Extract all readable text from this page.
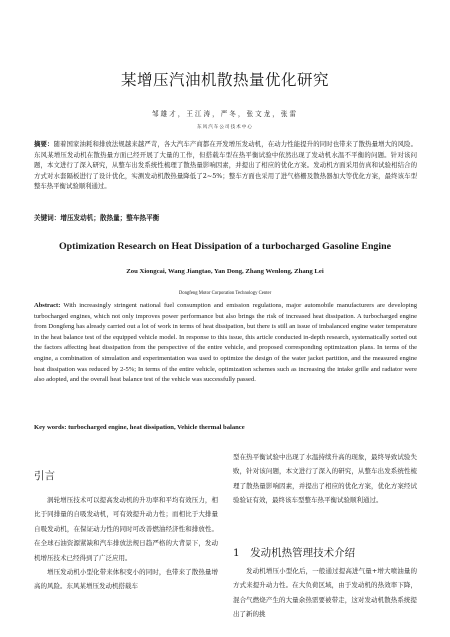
某增压汽油机散热量优化研究
邹雄才，王江涛，严冬，张文龙，张雷
东风汽车公司技术中心
摘要：随着国家油耗和排放法规越来越严苛，各大汽车产商都在开发增压发动机，在动力性能提升的同时也带来了散热量增大的风险。东风某增压发动机在散热量方面已经开展了大量的工作，但搭载车型在热平衡试验中依然出现了发动机水温不平衡的问题。针对该问题，本文进行了深入研究，从整车出发系统性梳理了散热量影响因素，并提出了相应的优化方案。发动机方面采用仿真和试验相结合的方式对水套隔板进行了设计优化，实测发动机散热量降低了2~5%；整车方面也采用了进气格栅及散热器加大等优化方案，最终该车型整车热平衡试验顺利通过。
关键词：增压发动机；散热量；整车热平衡
Optimization Research on Heat Dissipation of a turbocharged Gasoline Engine
Zou Xiongcai, Wang Jiangtao, Yan Dong, Zhang Wenlong, Zhang Lei
Dongfeng Motor Corporation Technology Center
Abstract: With increasingly stringent national fuel consumption and emission regulations, major automobile manufacturers are developing turbocharged engines, which not only improves power performance but also brings the risk of increased heat dissipation. A turbocharged engine from Dongfeng has already carried out a lot of work in terms of heat dissipation, but there is still an issue of imbalanced engine water temperature in the heat balance test of the equipped vehicle model. In response to this issue, this article conducted in-depth research, systematically sorted out the factors affecting heat dissipation from the perspective of the entire vehicle, and proposed corresponding optimization plans. In terms of the engine, a combination of simulation and experimentation was used to optimize the design of the water jacket partition, and the measured engine heat dissipation was reduced by 2-5%; In terms of the entire vehicle, optimization schemes such as increasing the intake grille and radiator were also adopted, and the overall heat balance test of the vehicle was successfully passed.
Key words: turbocharged engine, heat dissipation, Vehicle thermal balance
引言

涡轮增压技术可以提高发动机的升功率和平均有效压力，相比于同排量的自吸发动机，可有效提升动力性；而相比于大排量自吸发动机，在保证动力性的同时可改善燃油经济性和排放性。在全球石油资源紧缺和汽车排放法规日趋严格的大背景下，发动机增压技术已经得到了广泛应用。

增压发动机小型化带来体积变小的同时，也带来了散热量增高的风险。东风某增压发动机搭载车

型在热平衡试验中出现了水温持续升高的现象，最终导致试验失败，针对该问题，本文进行了深入的研究，从整车出发系统性梳理了散热量影响因素，并提出了相应的优化方案，优化方案经试验验证有效，最终该车型整车热平衡试验顺利通过。

1　发动机热管理技术介绍

发动机增压小型化后，一般通过提高进气量+增大喷油量的方式来提升动力性。在大负荷区域，由于发动机的热效率下降，混合气燃烧产生的大量余热需要被带走，这对发动机散热系统提出了新的挑
